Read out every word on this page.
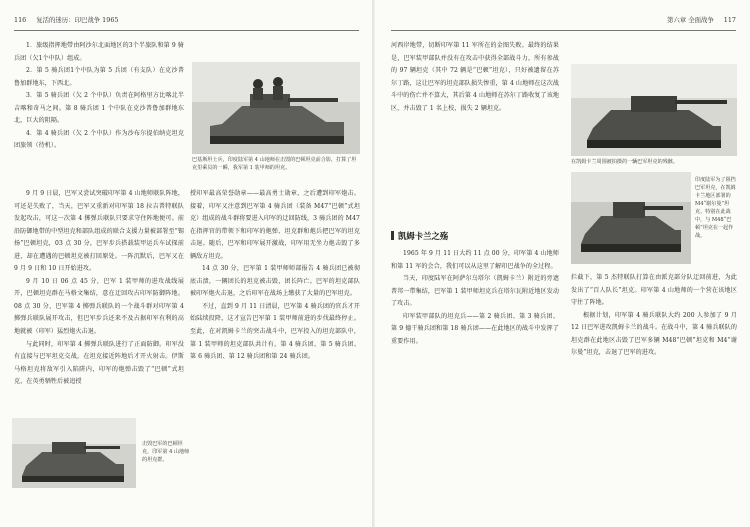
116 复活的迷历：印巴战争 1965

1．旅级指挥地带由阿沙尔北面地区的3个半旅队和第 9 骑兵团（欠1个中队）组成。

2．第 5 骑兵团1个中队为第 5 兵团（有支队）在克沙普鲁加群地东，下西北。

3．第 5 骑兵团（欠 2 个中队）负责在阿格里方比喀北半吉喀和奇马之间。第 8 骑兵团 1 个中队在克沙普鲁加群地东北，巨大的阻隔。

4．第 4 骑兵团（欠 2 个中队）作为沙布尔提伯纳克坦克团旅领（待机）。

巴基斯坦士兵，印度陆军第 4 山地师在击毁的巴顿坦克前合影，打算了坦克里乘员的一瞬，我军第 1 装甲师的坦克。

9 月 9 日晨，巴军又尝试突破印军第 4 山地师联队阵地，可还是失败了，当天，巴军又重新对印军第 18 拉吉普特联队发起攻击，可这一次第 4 掷弹兵联队只要求守住阵地便可。前沿防御地带的中型坦克和部队组成的联合支援力量被部署至“锡扬”巴顿坦克，03 点 30 分，巴军步兵搭载装甲运兵车试探前进，却在遭遇的巴顿坦克被打回原处。一阵沉默后，巴军又在 9 月 9 日和 10 日开始进攻。

9 月 10 日 06 点 45 分，巴军 1 装甲师的进攻战线展开，巴顿坦克群在马格文集结，意在迂回攻占印军防御阵地。08 点 30 分，巴军第 4 掷弹兵联队的一个战斗群对印军第 4 掷弹兵联队展开攻击，但巴军步兵还来不及占据印军有利的高地就被（印军）猛烈炮火击退。

与此同时，印军第 4 掷弹兵联队进行了正面防御。印军没有直接与巴军坦克交战，在坦克接近阵地后才开火射击。伊斯马格坦克将敌军引入陷阱内，印军的炮弹击毁了“巴顿”式坦克，在英勇牺牲后被追授

授印军最高荣誉勋章——最高勇士勋章，之后遭到印军炮击。接着，印军又注意到巴军第 4 骑兵团（装备 M47“巴顿”式坦克）组成的战斗群将要进入印军的迂回防线，3 骑兵团的 M47 在指挥官的带领下和印军的炮弹、坦克群和炮兵把巴军的坦克击退。随后，巴军和印军展开激战，印军用无坐力炮击毁了多辆敌方坦克。

14 点 30 分，巴军第 1 装甲师师部报告 4 骑兵团已被彻底击溃，一辆团长的坦克被击毁，团长阵亡。巴军的坦克部队被印军炮火击退，之后印军在战场上缴获了大量的巴军坦克。

不过，直到 9 月 11 日清晨，巴军第 4 骑兵团的官兵才开始陆续投降，这才宣告巴军第 1 装甲师前进的步伐最终停止。至此，在对凯姆卡兰的突击战斗中，巴军投入的坦克部队中，第 1 装甲师的坦克部队共计有，第 4 骑兵团、第 5 骑兵团、第 6 骑兵团、第 12 骑兵团和第 24 骑兵团。

击毁巴军的巴顿坦克，印军第 4 山地师的坦克群。
第六章 全面战争 117

河西岸地带，切断印军第 11 军所在的金图失败。最终的结果是，巴军装甲部队并没有在攻击中获得全部战斗力，所有参战的 97 辆坦克（其中 72 辆是“巴顿”坦克），只好被遗留在苏尔丁路，这让巴军的坦克部队损失惨重，第 4 山地师在这次战斗中的伤亡并不算大，其后第 4 山地师在苏尔丁路收复了该地区，并击毁了 1 名上校，损失 2 辆坦克。

凯姆卡兰之殇

1965 年 9 月 11 日大约 11 点 00 分，印军第 4 山地师和第 11 军的会合，我们可以从这里了解印巴战争的全过程。

当天，印度陆军在阿萨尔乌塔尔（凯姆卡兰）附近的旁遮普邦一带集结，巴军第 1 装甲师坦克兵在塔尔瓦附近地区发动了攻击。

印军装甲部队的坦克兵——第 2 骑兵团、第 3 骑兵团、第 9 德干骑兵团和第 18 骑兵团——在此地区的战斗中发挥了重要作用。

在凯姆卡兰周围被拍摄的一辆巴军坦克的残骸。
印度陆军为了阻挡巴军坦克，在凯姆卡兰地区部署的 M4“谢尔曼”坦克，特别在此战中，与 M48“巴顿”坦克在一起作战。

拦截下，第 5 杰特联队打算在由派克部分队迂回前进，为此发出了“百人队长”坦克。印军第 4 山地师的一个营在该地区守住了阵地。

根据计划，印军第 4 骑兵联队大约 200 人参加了 9 月 12 日巴军进攻凯姆卡兰的战斗。在战斗中，第 4 骑兵联队的坦克群在此地区击毁了巴军多辆 M48“巴顿”坦克和 M4“谢尔曼”坦克，击退了巴军的进攻。
